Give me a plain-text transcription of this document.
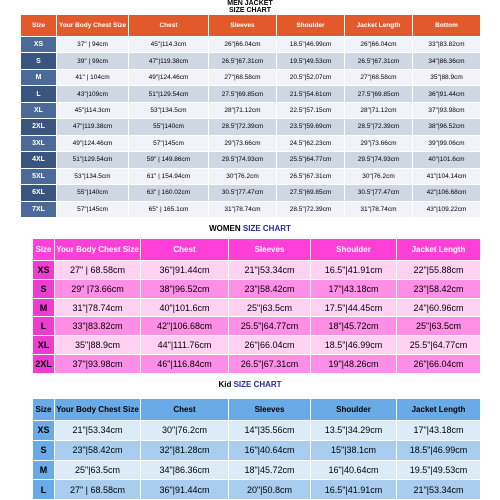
MEN JACKET
SIZE CHART
Size	Your Body Chest Size	Chest	Sleeves	Shoulder	Jacket Length	Bottom
XS	37" | 94cm	45"|114.3cm	26"|66.04cm	18.5"|46.99cm	26"|66.04cm	33"|83.82cm
S	39" | 99cm	47"|119.38cm	26.5"|67.31cm	19.5"|49.53cm	26.5"|67.31cm	34"|86.36cm
M	41" | 104cm	49"|124.46cm	27"|68.58cm	20.5"|52.07cm	27"|68.58cm	35"|88.9cm
L	43"|109cm	51"|129.54cm	27.5"|69.85cm	21.5"|54.61cm	27.5"|69.85cm	36"|91.44cm
XL	45"|114.3cm	53"|134.5cm	28"|71.12cm	22.5"|57.15cm	28"|71.12cm	37"|93.98cm
2XL	47"|119.38cm	55"|140cm	28.5"|72.39cm	23.5"|59.69cm	28.5"|72.39cm	38"|96.52cm
3XL	49"|124.46cm	57"|145cm	29"|73.66cm	24.5"|62.23cm	29"|73.66cm	39"|99.06cm
4XL	51"|129.54cm	59" | 149.86cm	29.5"|74.93cm	25.5"|64.77cm	29.5"|74.93cm	40"|101.6cm
5XL	53"|134.5cm	61" | 154.94cm	30"|76.2cm	26.5"|67.31cm	30"|76.2cm	41"|104.14cm
6XL	55"|140cm	63" | 160.02cm	30.5"|77.47cm	27.5"|69.85cm	30.5"|77.47cm	42"|106.68cm
7XL	57"|145cm	65" | 165.1cm	31"|78.74cm	28.5"|72.39cm	31"|78.74cm	43"|109.22cm
WOMEN SIZE CHART
Size	Your Body Chest Size	Chest	Sleeves	Shoulder	Jacket Length
XS	27" | 68.58cm	36"|91.44cm	21"|53.34cm	16.5"|41.91cm	22"|55.88cm
S	29" |73.66cm	38"|96.52cm	23"|58.42cm	17"|43.18cm	23"|58.42cm
M	31"|78.74cm	40"|101.6cm	25"|63.5cm	17.5"|44.45cm	24"|60.96cm
L	33"|83.82cm	42"|106.68cm	25.5"|64.77cm	18"|45.72cm	25"|63.5cm
XL	35"|88.9cm	44"|111.76cm	26"|66.04cm	18.5"|46.99cm	25.5"|64.77cm
2XL	37"|93.98cm	46"|116.84cm	26.5"|67.31cm	19"|48.26cm	26"|66.04cm
Kid SIZE CHART
Size	Your Body Chest Size	Chest	Sleeves	Shoulder	Jacket Length
XS	21"|53.34cm	30"|76.2cm	14"|35.56cm	13.5"|34.29cm	17"|43.18cm
S	23"|58.42cm	32"|81.28cm	16"|40.64cm	15"|38.1cm	18.5"|46.99cm
M	25"|63.5cm	34"|86.36cm	18"|45.72cm	16"|40.64cm	19.5"|49.53cm
L	27" | 68.58cm	36"|91.44cm	20"|50.8cm	16.5"|41.91cm	21"|53.34cm
